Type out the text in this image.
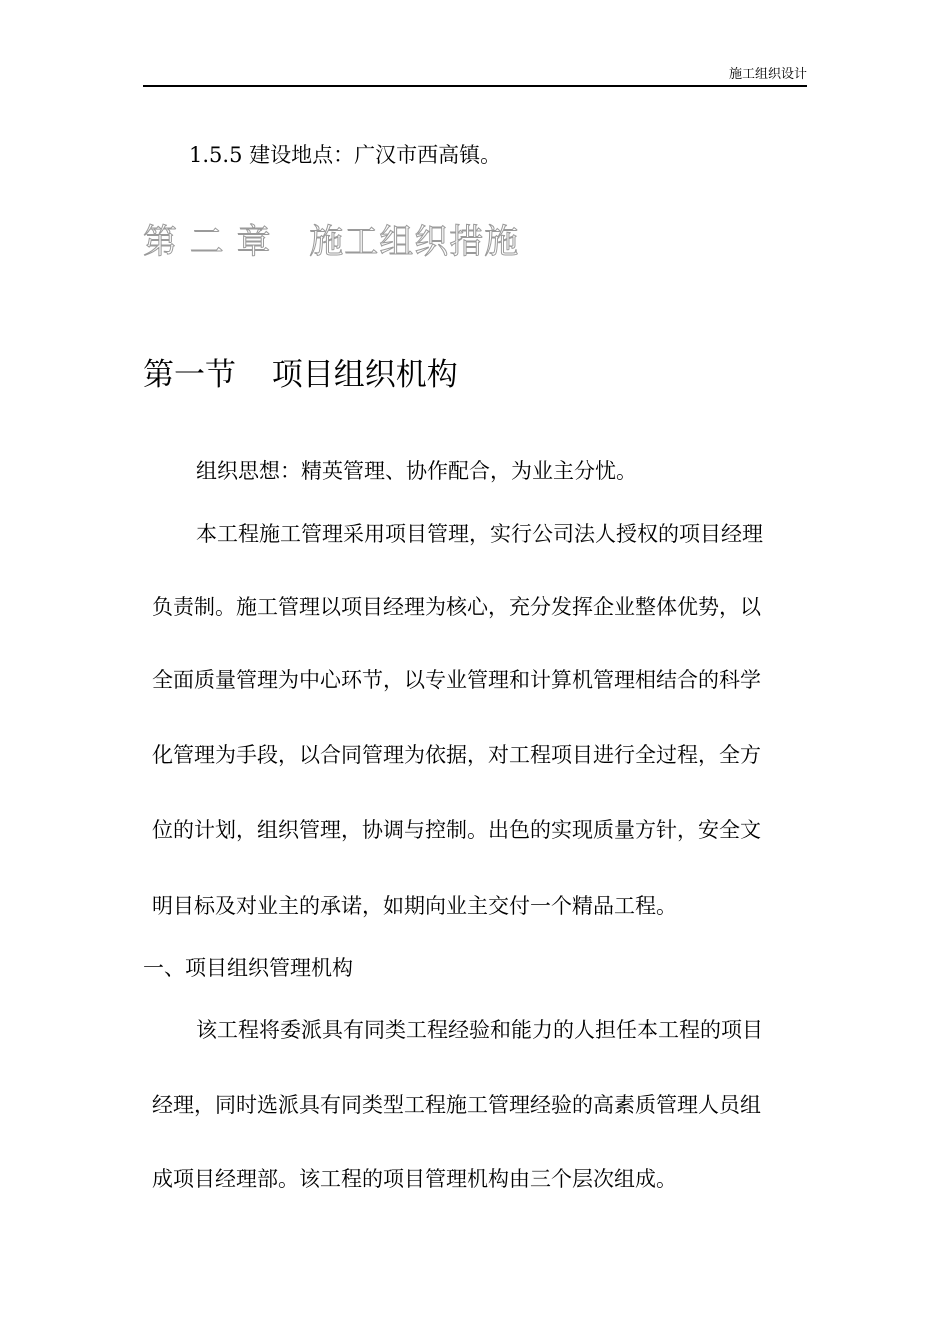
施工组织设计
1.5.5 建设地点：广汉市西高镇。
第 二 章 施工组织措施
第一节 项目组织机构
组织思想：精英管理、协作配合，为业主分忧。
本工程施工管理采用项目管理，实行公司法人授权的项目经理
负责制。施工管理以项目经理为核心，充分发挥企业整体优势，以
全面质量管理为中心环节，以专业管理和计算机管理相结合的科学
化管理为手段，以合同管理为依据，对工程项目进行全过程，全方
位的计划，组织管理，协调与控制。出色的实现质量方针，安全文
明目标及对业主的承诺，如期向业主交付一个精品工程。
一、项目组织管理机构
该工程将委派具有同类工程经验和能力的人担任本工程的项目
经理，同时选派具有同类型工程施工管理经验的高素质管理人员组
成项目经理部。该工程的项目管理机构由三个层次组成。
